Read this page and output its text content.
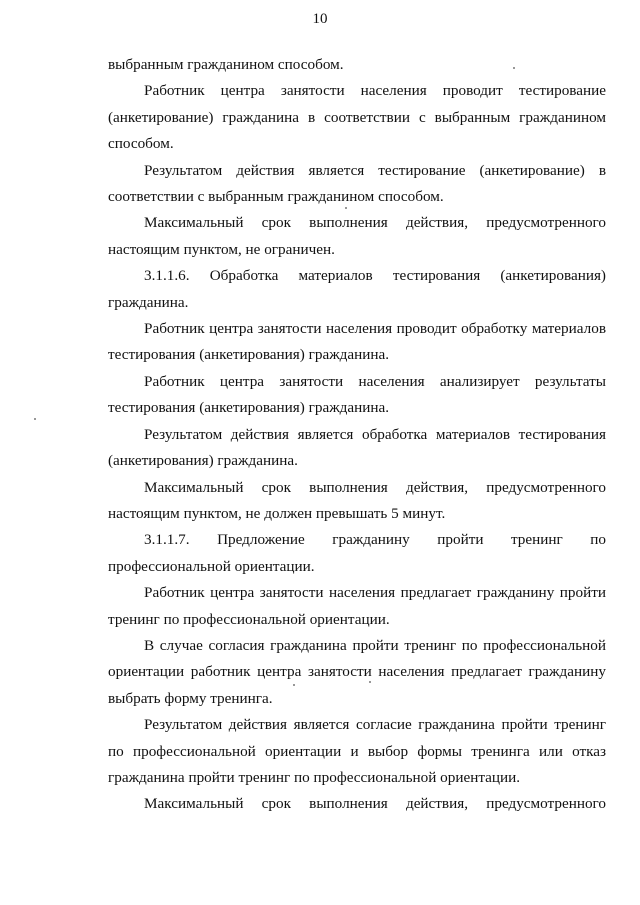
10

выбранным гражданином способом.

Работник центра занятости населения проводит тестирование (анкетирование) гражданина в соответствии с выбранным гражданином способом.

Результатом действия является тестирование (анкетирование) в соответствии с выбранным гражданином способом.

Максимальный срок выполнения действия, предусмотренного настоящим пунктом, не ограничен.

3.1.1.6. Обработка материалов тестирования (анкетирования) гражданина.

Работник центра занятости населения проводит обработку материалов тестирования (анкетирования) гражданина.

Работник центра занятости населения анализирует результаты тестирования (анкетирования) гражданина.

Результатом действия является обработка материалов тестирования (анкетирования) гражданина.

Максимальный срок выполнения действия, предусмотренного настоящим пунктом, не должен превышать 5 минут.

3.1.1.7. Предложение гражданину пройти тренинг по профессиональной ориентации.

Работник центра занятости населения предлагает гражданину пройти тренинг по профессиональной ориентации.

В случае согласия гражданина пройти тренинг по профессиональной ориентации работник центра занятости населения предлагает гражданину выбрать форму тренинга.

Результатом действия является согласие гражданина пройти тренинг по профессиональной ориентации и выбор формы тренинга или отказ гражданина пройти тренинг по профессиональной ориентации.

Максимальный срок выполнения действия, предусмотренного
